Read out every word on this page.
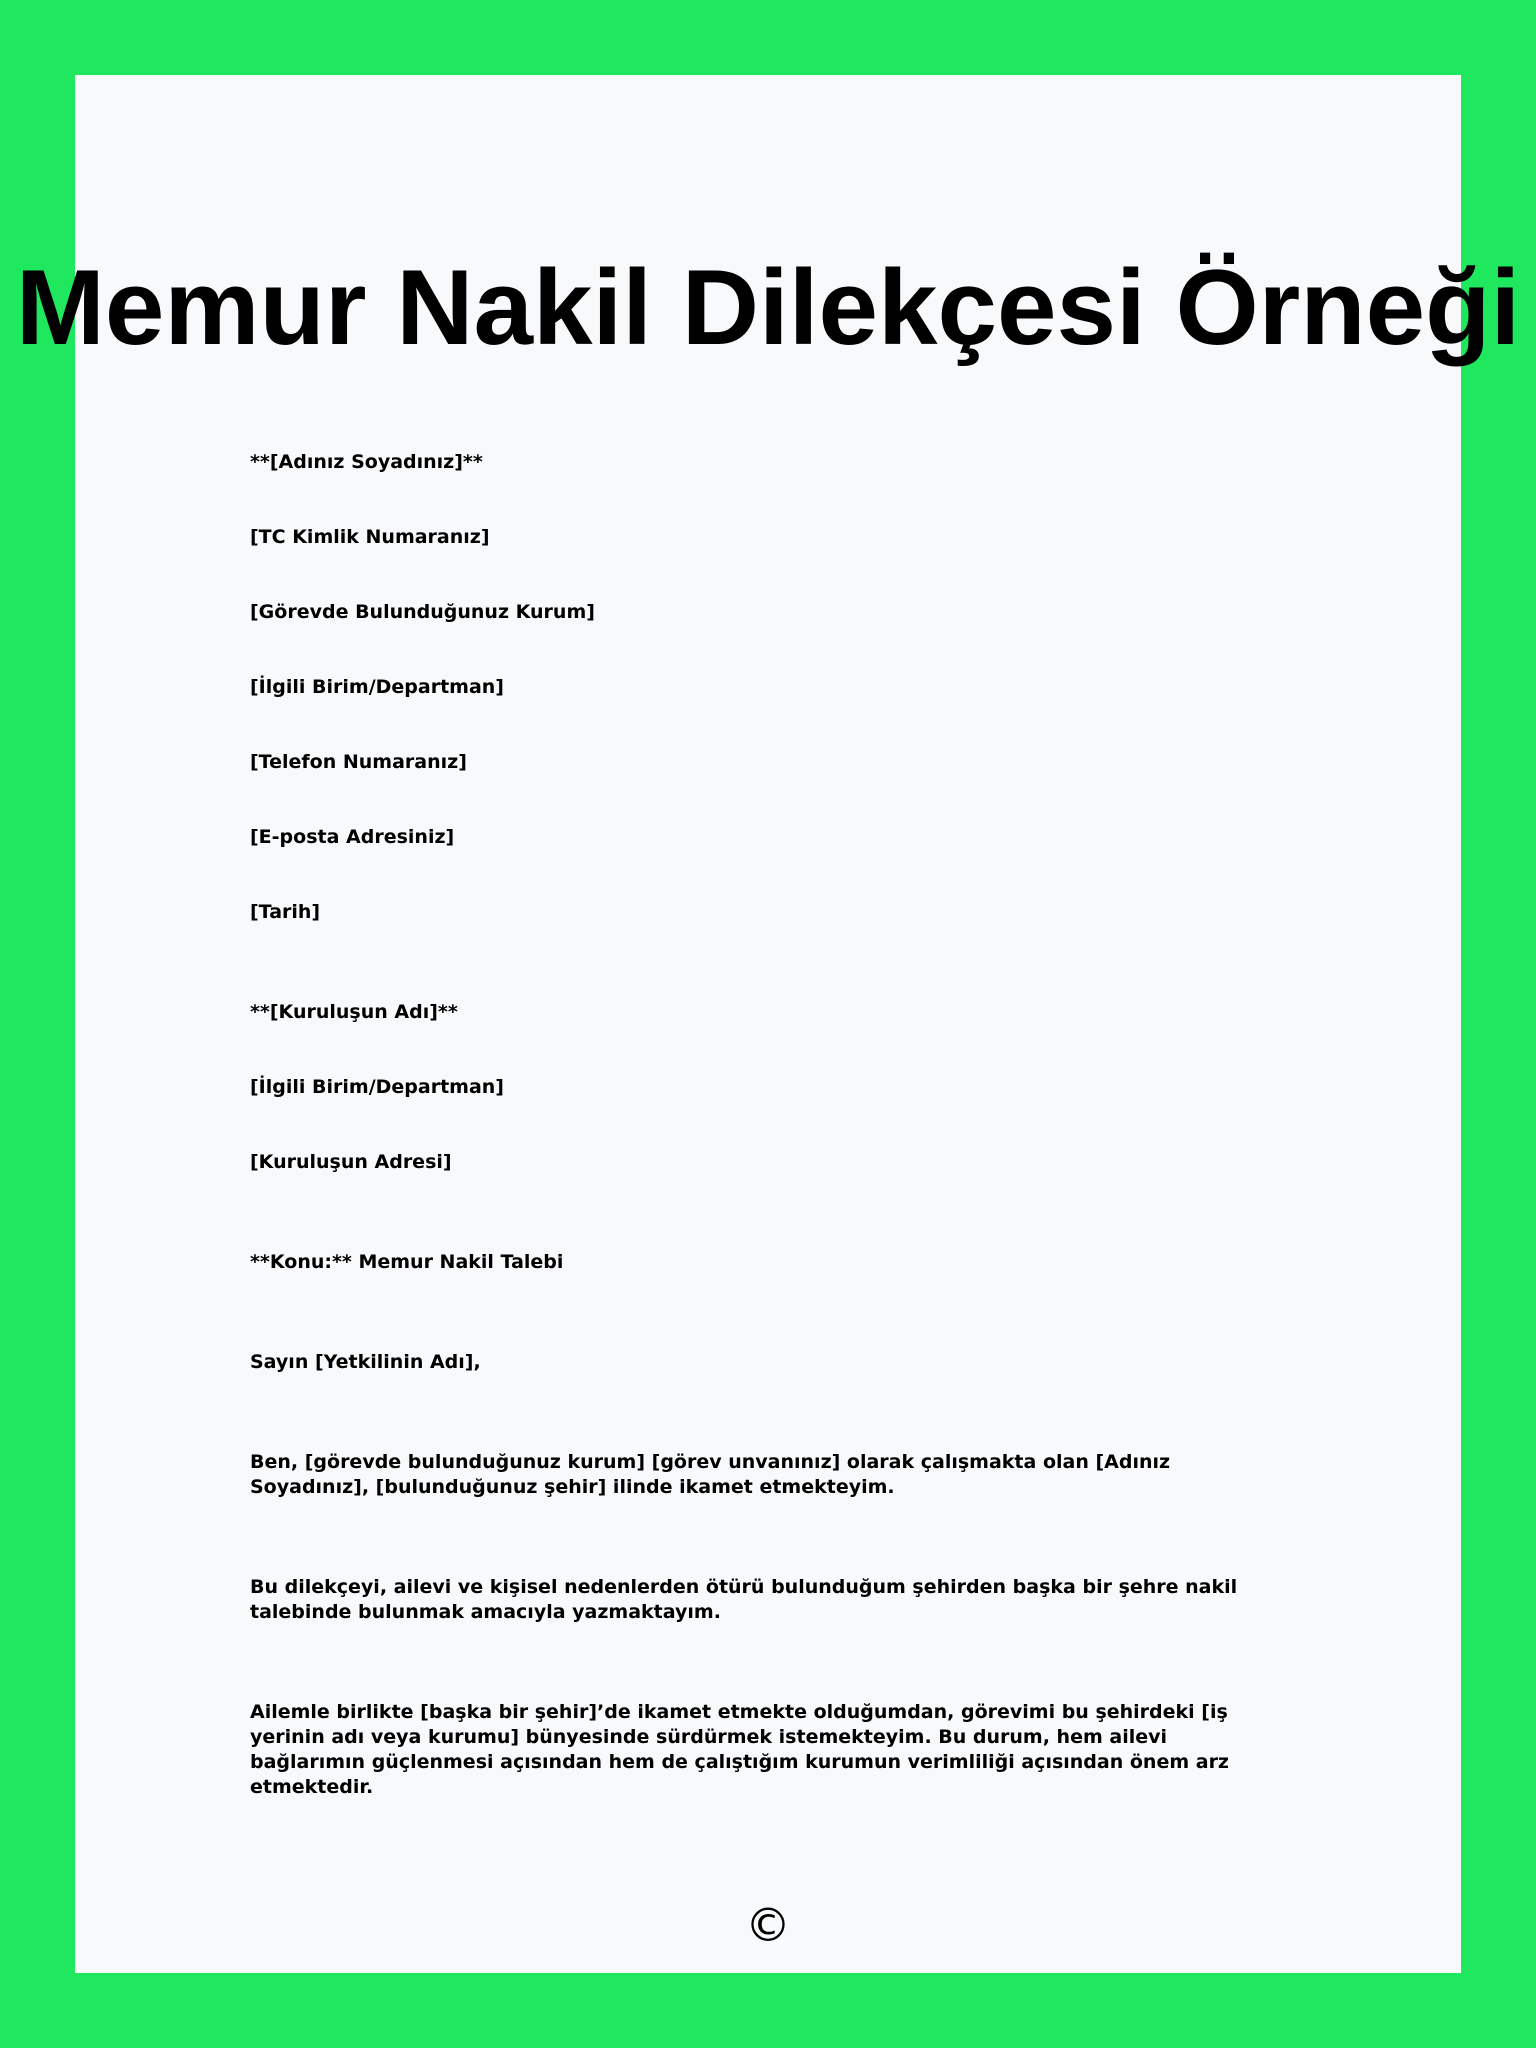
Memur Nakil Dilekçesi Örneği

**[Adınız Soyadınız]**

[TC Kimlik Numaranız]

[Görevde Bulunduğunuz Kurum]

[İlgili Birim/Departman]

[Telefon Numaranız]

[E-posta Adresiniz]

[Tarih]

**[Kuruluşun Adı]**

[İlgili Birim/Departman]

[Kuruluşun Adresi]

**Konu:** Memur Nakil Talebi

Sayın [Yetkilinin Adı],

Ben, [görevde bulunduğunuz kurum] [görev unvanınız] olarak çalışmakta olan [Adınız Soyadınız], [bulunduğunuz şehir] ilinde ikamet etmekteyim.

Bu dilekçeyi, ailevi ve kişisel nedenlerden ötürü bulunduğum şehirden başka bir şehre nakil talebinde bulunmak amacıyla yazmaktayım.

Ailemle birlikte [başka bir şehir]’de ikamet etmekte olduğumdan, görevimi bu şehirdeki [iş yerinin adı veya kurumu] bünyesinde sürdürmek istemekteyim. Bu durum, hem ailevi bağlarımın güçlenmesi açısından hem de çalıştığım kurumun verimliliği açısından önem arz etmektedir.

©
